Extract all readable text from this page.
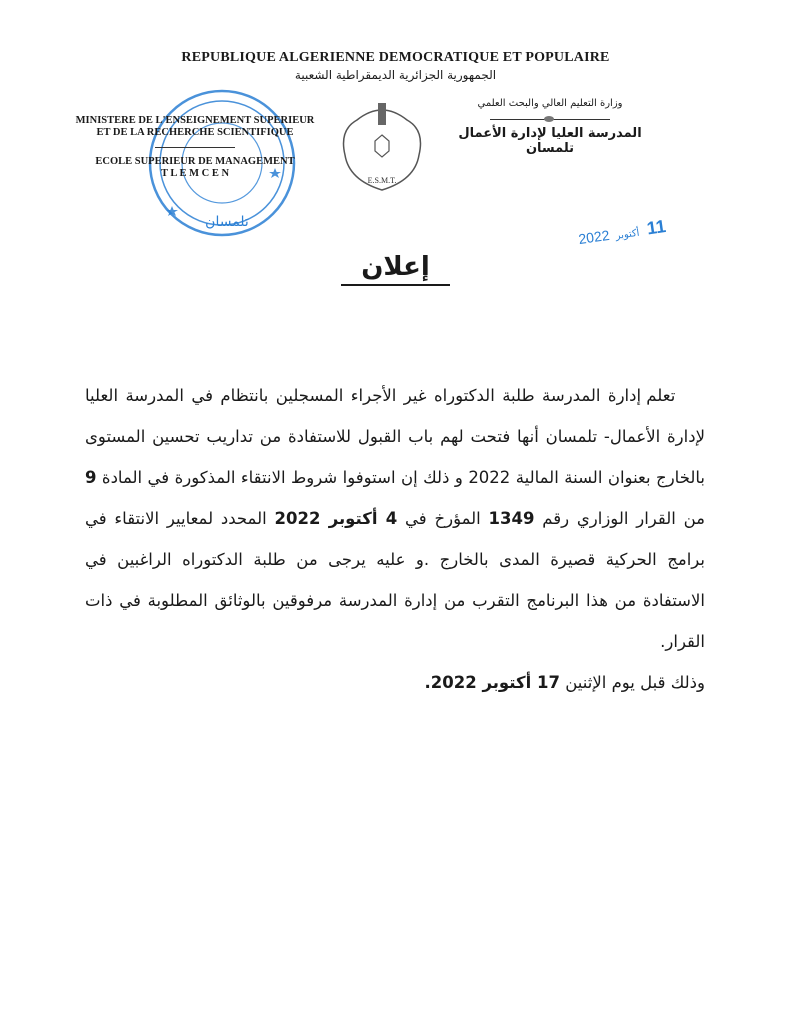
REPUBLIQUE ALGERIENNE DEMOCRATIQUE ET POPULAIRE
الجمهورية الجزائرية الديمقراطية الشعبية
تلمسان
MINISTERE DE L'ENSEIGNEMENT SUPERIEUR
ET DE LA RECHERCHE SCIENTIFIQUE
ECOLE SUPERIEUR DE MANAGEMENT
T L E M C E N
E.S.M.T.
وزارة التعليم العالي والبحث العلمي
المدرسة العليا لإدارة الأعمال
تلمسان
11أكتوبر2022
إعلان

تعلم إدارة المدرسة طلبة الدكتوراه غير الأجراء المسجلين بانتظام في المدرسة العليا لإدارة الأعمال- تلمسان أنها فتحت لهم باب القبول للاستفادة من تداريب تحسين المستوى بالخارج بعنوان السنة المالية 2022 و ذلك إن استوفوا شروط الانتقاء المذكورة في المادة 9 من القرار الوزاري رقم 1349 المؤرخ في 4 أكتوبر 2022 المحدد لمعايير الانتقاء في برامج الحركية قصيرة المدى بالخارج .و عليه يرجى من طلبة الدكتوراه الراغبين في الاستفادة من هذا البرنامج التقرب من إدارة المدرسة مرفوقين بالوثائق المطلوبة في ذات القرار.

وذلك قبل يوم الإثنين 17 أكتوبر 2022.
